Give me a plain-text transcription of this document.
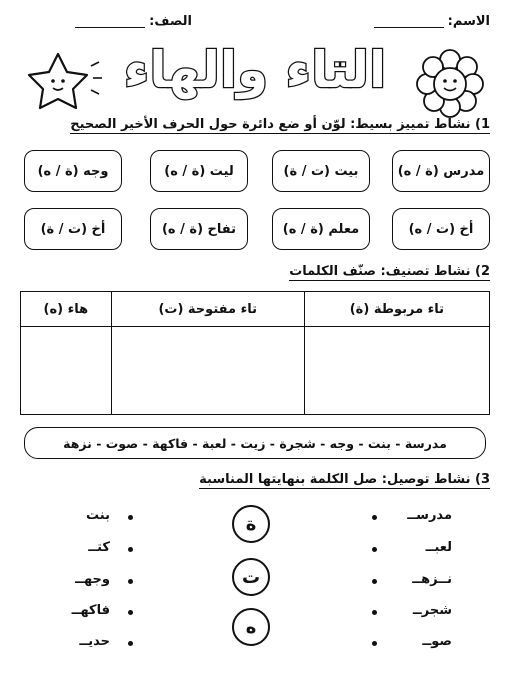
الاسم:
الصف:
التاء والهاء
1) نشاط تمييز بسيط: لوّن أو ضع دائرة حول الحرف الأخير الصحيح
مدرس (ة / ه)
بيت (ت / ة)
ليت (ة / ه)
وجه (ة / ه)
أخ (ت / ه)
معلم (ة / ه)
تفاح (ة / ه)
أخ (ت / ة)
2) نشاط تصنيف: صنّف الكلمات
تاء مربوطة (ة)	تاء مفتوحة (ت)	هاء (ه)

مدرسة - بنت - وجه - شجرة - زيت - لعبة - فاكهة - صوت - نزهة
3) نشاط توصيل: صل الكلمة بنهايتها المناسبة
مدرســ
لعبــ
نــزهــ
شجرــ
صوــ
ة
ت
ه
بنت
كتــ
وجهــ
فاكهــ
حديــ
